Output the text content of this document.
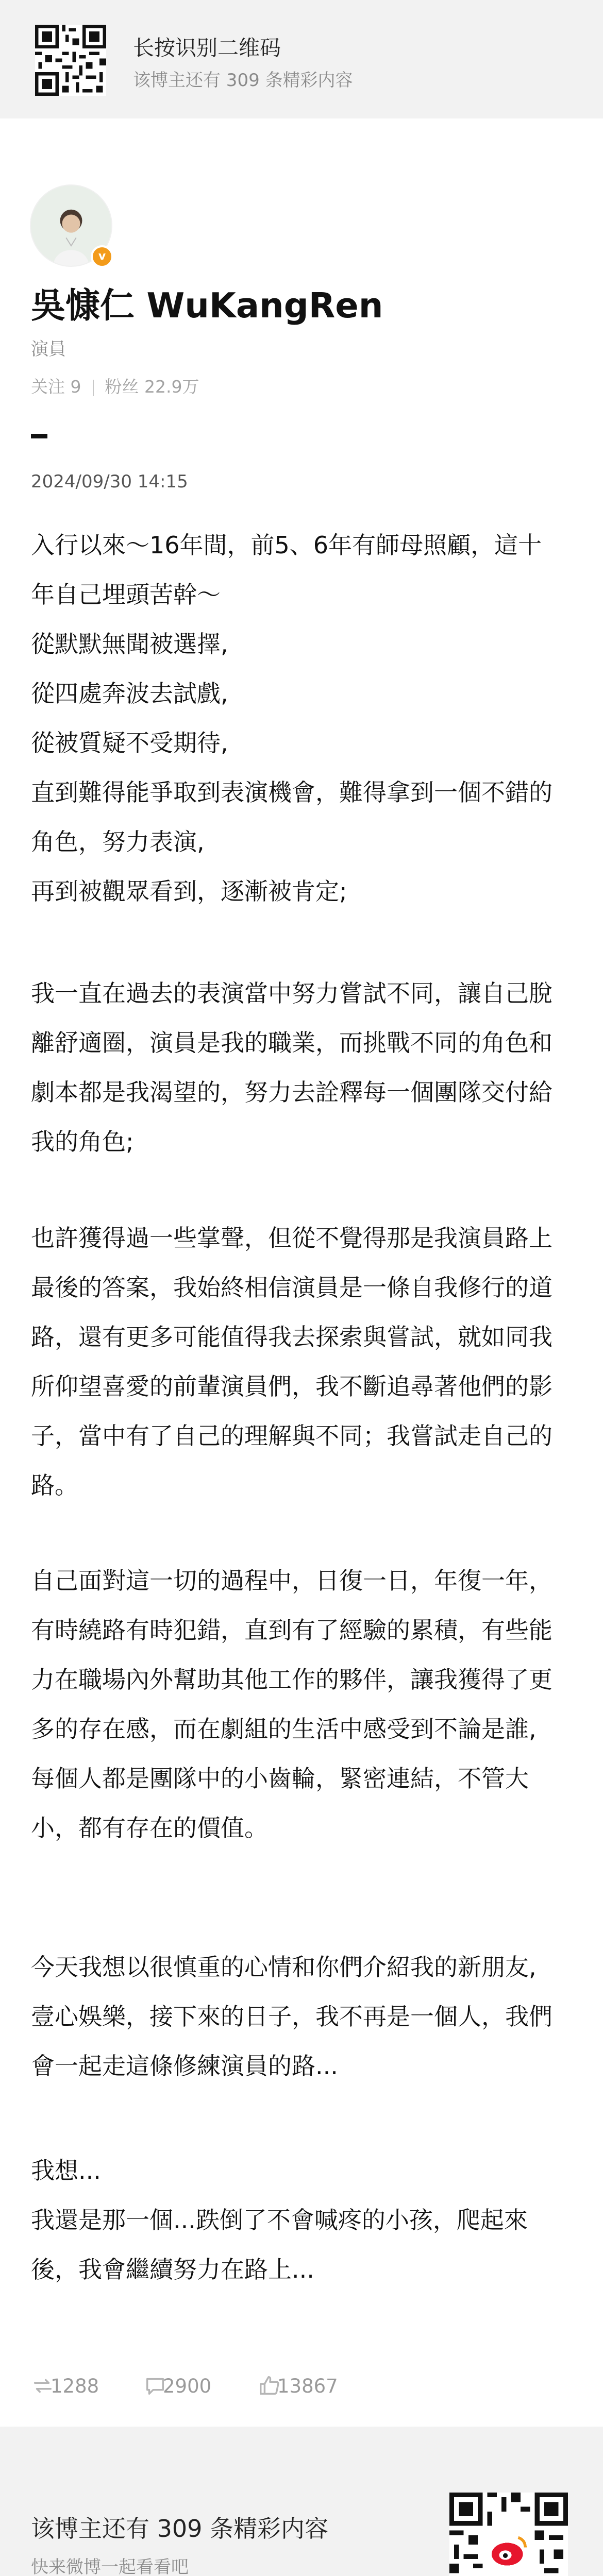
长按识别二维码
该博主还有 309 条精彩内容
v
吳慷仁 WuKangRen
演員
关注 9 粉丝 22.9万
2024/09/30 14:15
入行以來～16年間，前5、6年有師母照顧，這十
年自己埋頭苦幹～
從默默無聞被選擇,
從四處奔波去試戲,
從被質疑不受期待,
直到難得能爭取到表演機會，難得拿到一個不錯的
角色，努力表演,
再到被觀眾看到，逐漸被肯定;
我一直在過去的表演當中努力嘗試不同，讓自己脫
離舒適圈，演員是我的職業，而挑戰不同的角色和
劇本都是我渴望的，努力去詮釋每一個團隊交付給
我的角色;
也許獲得過一些掌聲，但從不覺得那是我演員路上
最後的答案，我始終相信演員是一條自我修行的道
路，還有更多可能值得我去探索與嘗試，就如同我
所仰望喜愛的前輩演員們，我不斷追尋著他們的影
子，當中有了自己的理解與不同；我嘗試走自己的
路。
自己面對這一切的過程中，日復一日，年復一年，
有時繞路有時犯錯，直到有了經驗的累積，有些能
力在職場內外幫助其他工作的夥伴，讓我獲得了更
多的存在感，而在劇組的生活中感受到不論是誰,
每個人都是團隊中的小齒輪，緊密連結，不管大
小，都有存在的價值。
今天我想以很慎重的心情和你們介紹我的新朋友,
壹心娛樂，接下來的日子，我不再是一個人，我們
會一起走這條修練演員的路...
我想...
我還是那一個...跌倒了不會喊疼的小孩，爬起來
後，我會繼續努力在路上...
1288	2900	13867
该博主还有 309 条精彩内容
快来微博一起看看吧
